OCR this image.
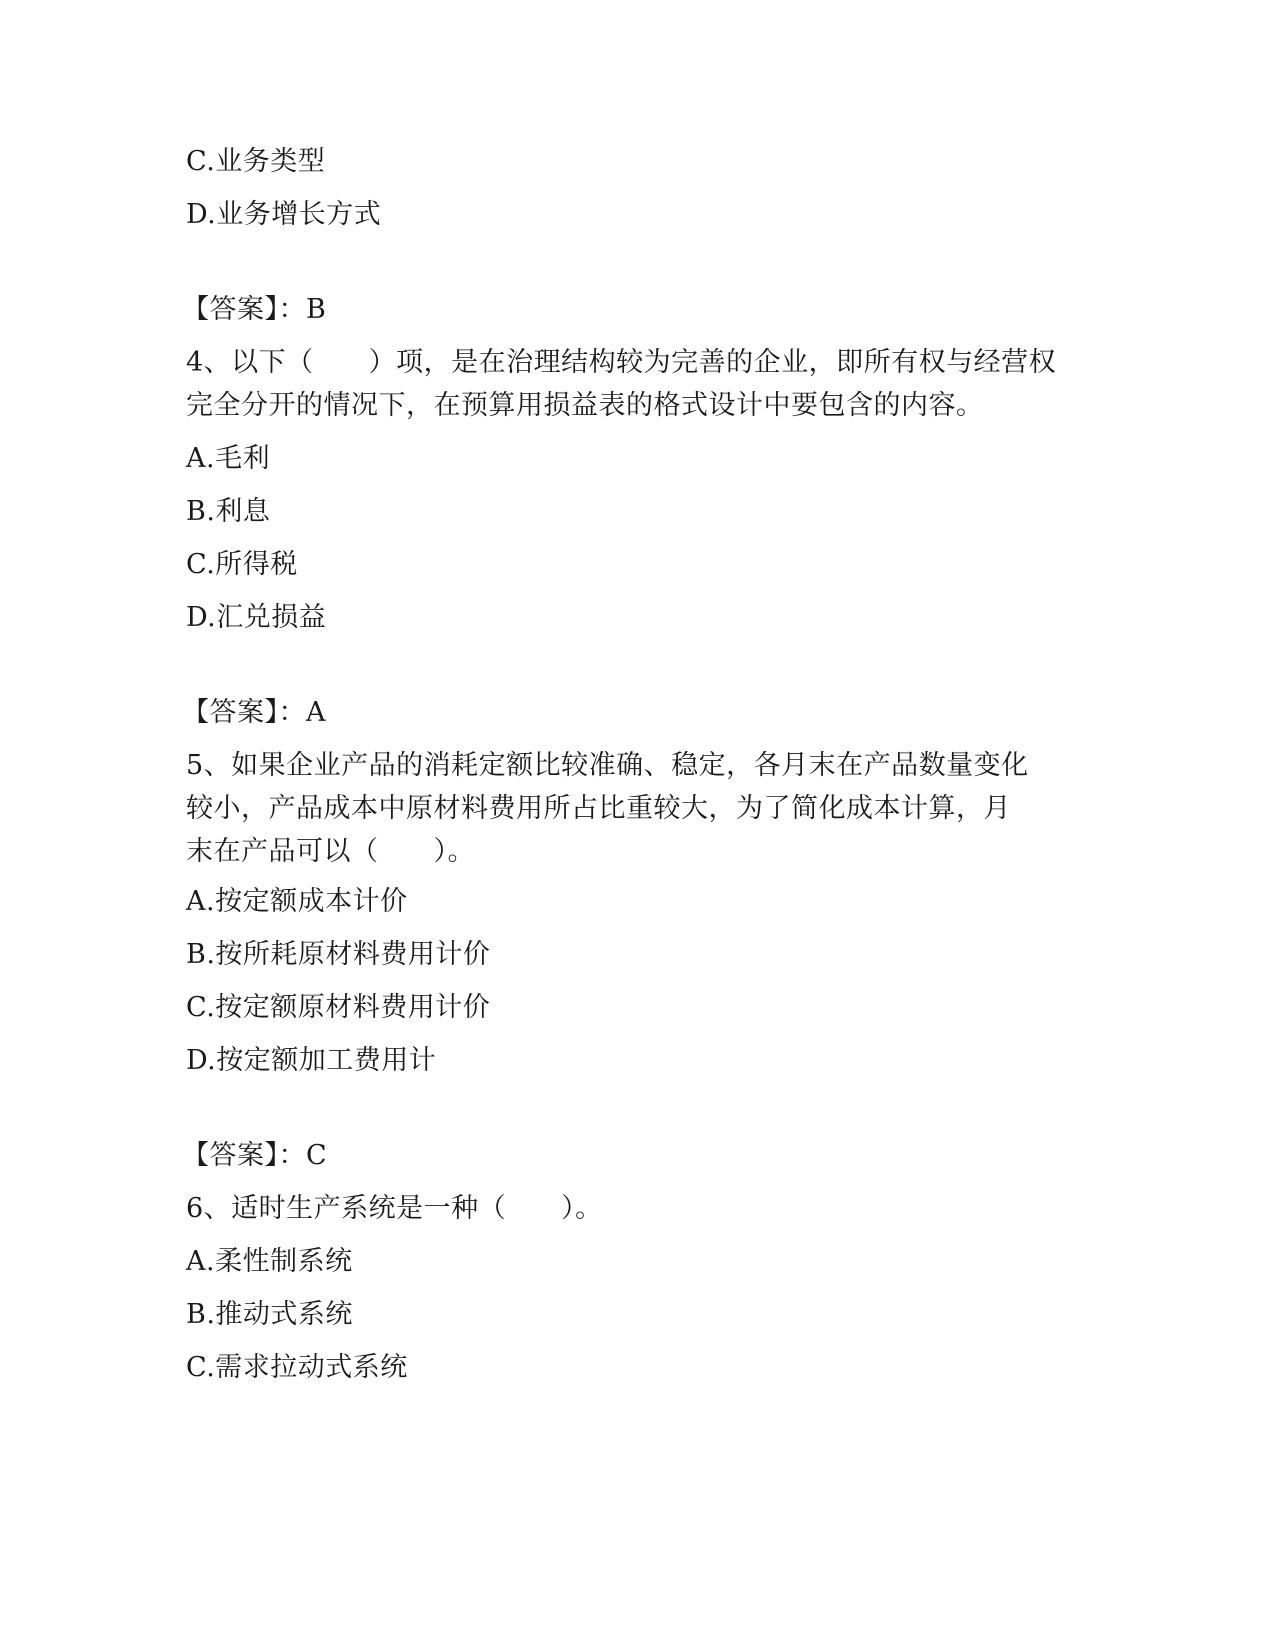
C.业务类型
D.业务增长方式
【答案】：B
4、以下（　　）项，是在治理结构较为完善的企业，即所有权与经营权
完全分开的情况下，在预算用损益表的格式设计中要包含的内容。
A.毛利
B.利息
C.所得税
D.汇兑损益
【答案】：A
5、如果企业产品的消耗定额比较准确、稳定，各月末在产品数量变化
较小，产品成本中原材料费用所占比重较大，为了简化成本计算，月
末在产品可以（　　）。
A.按定额成本计价
B.按所耗原材料费用计价
C.按定额原材料费用计价
D.按定额加工费用计
【答案】：C
6、适时生产系统是一种（　　）。
A.柔性制系统
B.推动式系统
C.需求拉动式系统
